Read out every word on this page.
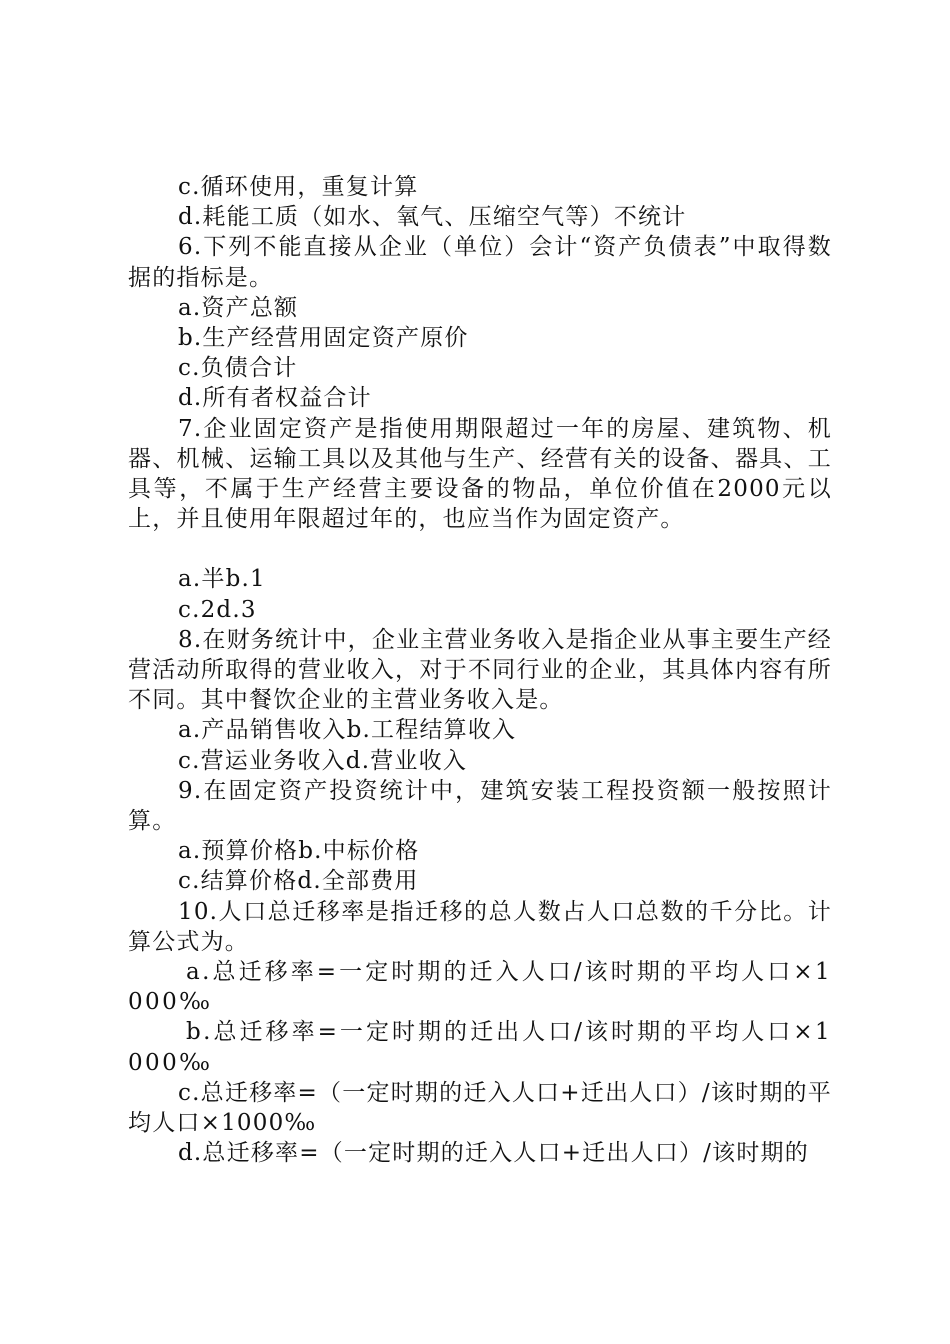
c.循环使用，重复计算

d.耗能工质（如水、氧气、压缩空气等）不统计

6.下列不能直接从企业（单位）会计“资产负债表”中取得数据的指标是。

a.资产总额

b.生产经营用固定资产原价

c.负债合计

d.所有者权益合计

7.企业固定资产是指使用期限超过一年的房屋、建筑物、机器、机械、运输工具以及其他与生产、经营有关的设备、器具、工具等，不属于生产经营主要设备的物品，单位价值在2000元以上，并且使用年限超过年的，也应当作为固定资产。

a.半b.1

c.2d.3

8.在财务统计中，企业主营业务收入是指企业从事主要生产经营活动所取得的营业收入，对于不同行业的企业，其具体内容有所不同。其中餐饮企业的主营业务收入是。

a.产品销售收入b.工程结算收入

c.营运业务收入d.营业收入

9.在固定资产投资统计中，建筑安装工程投资额一般按照计算。

a.预算价格b.中标价格

c.结算价格d.全部费用

10.人口总迁移率是指迁移的总人数占人口总数的千分比。计算公式为。

a.总迁移率=一定时期的迁入人口/该时期的平均人口×1000‰

b.总迁移率=一定时期的迁出人口/该时期的平均人口×1000‰

c.总迁移率=（一定时期的迁入人口+迁出人口）/该时期的平均人口×1000‰

d.总迁移率=（一定时期的迁入人口+迁出人口）/该时期的
